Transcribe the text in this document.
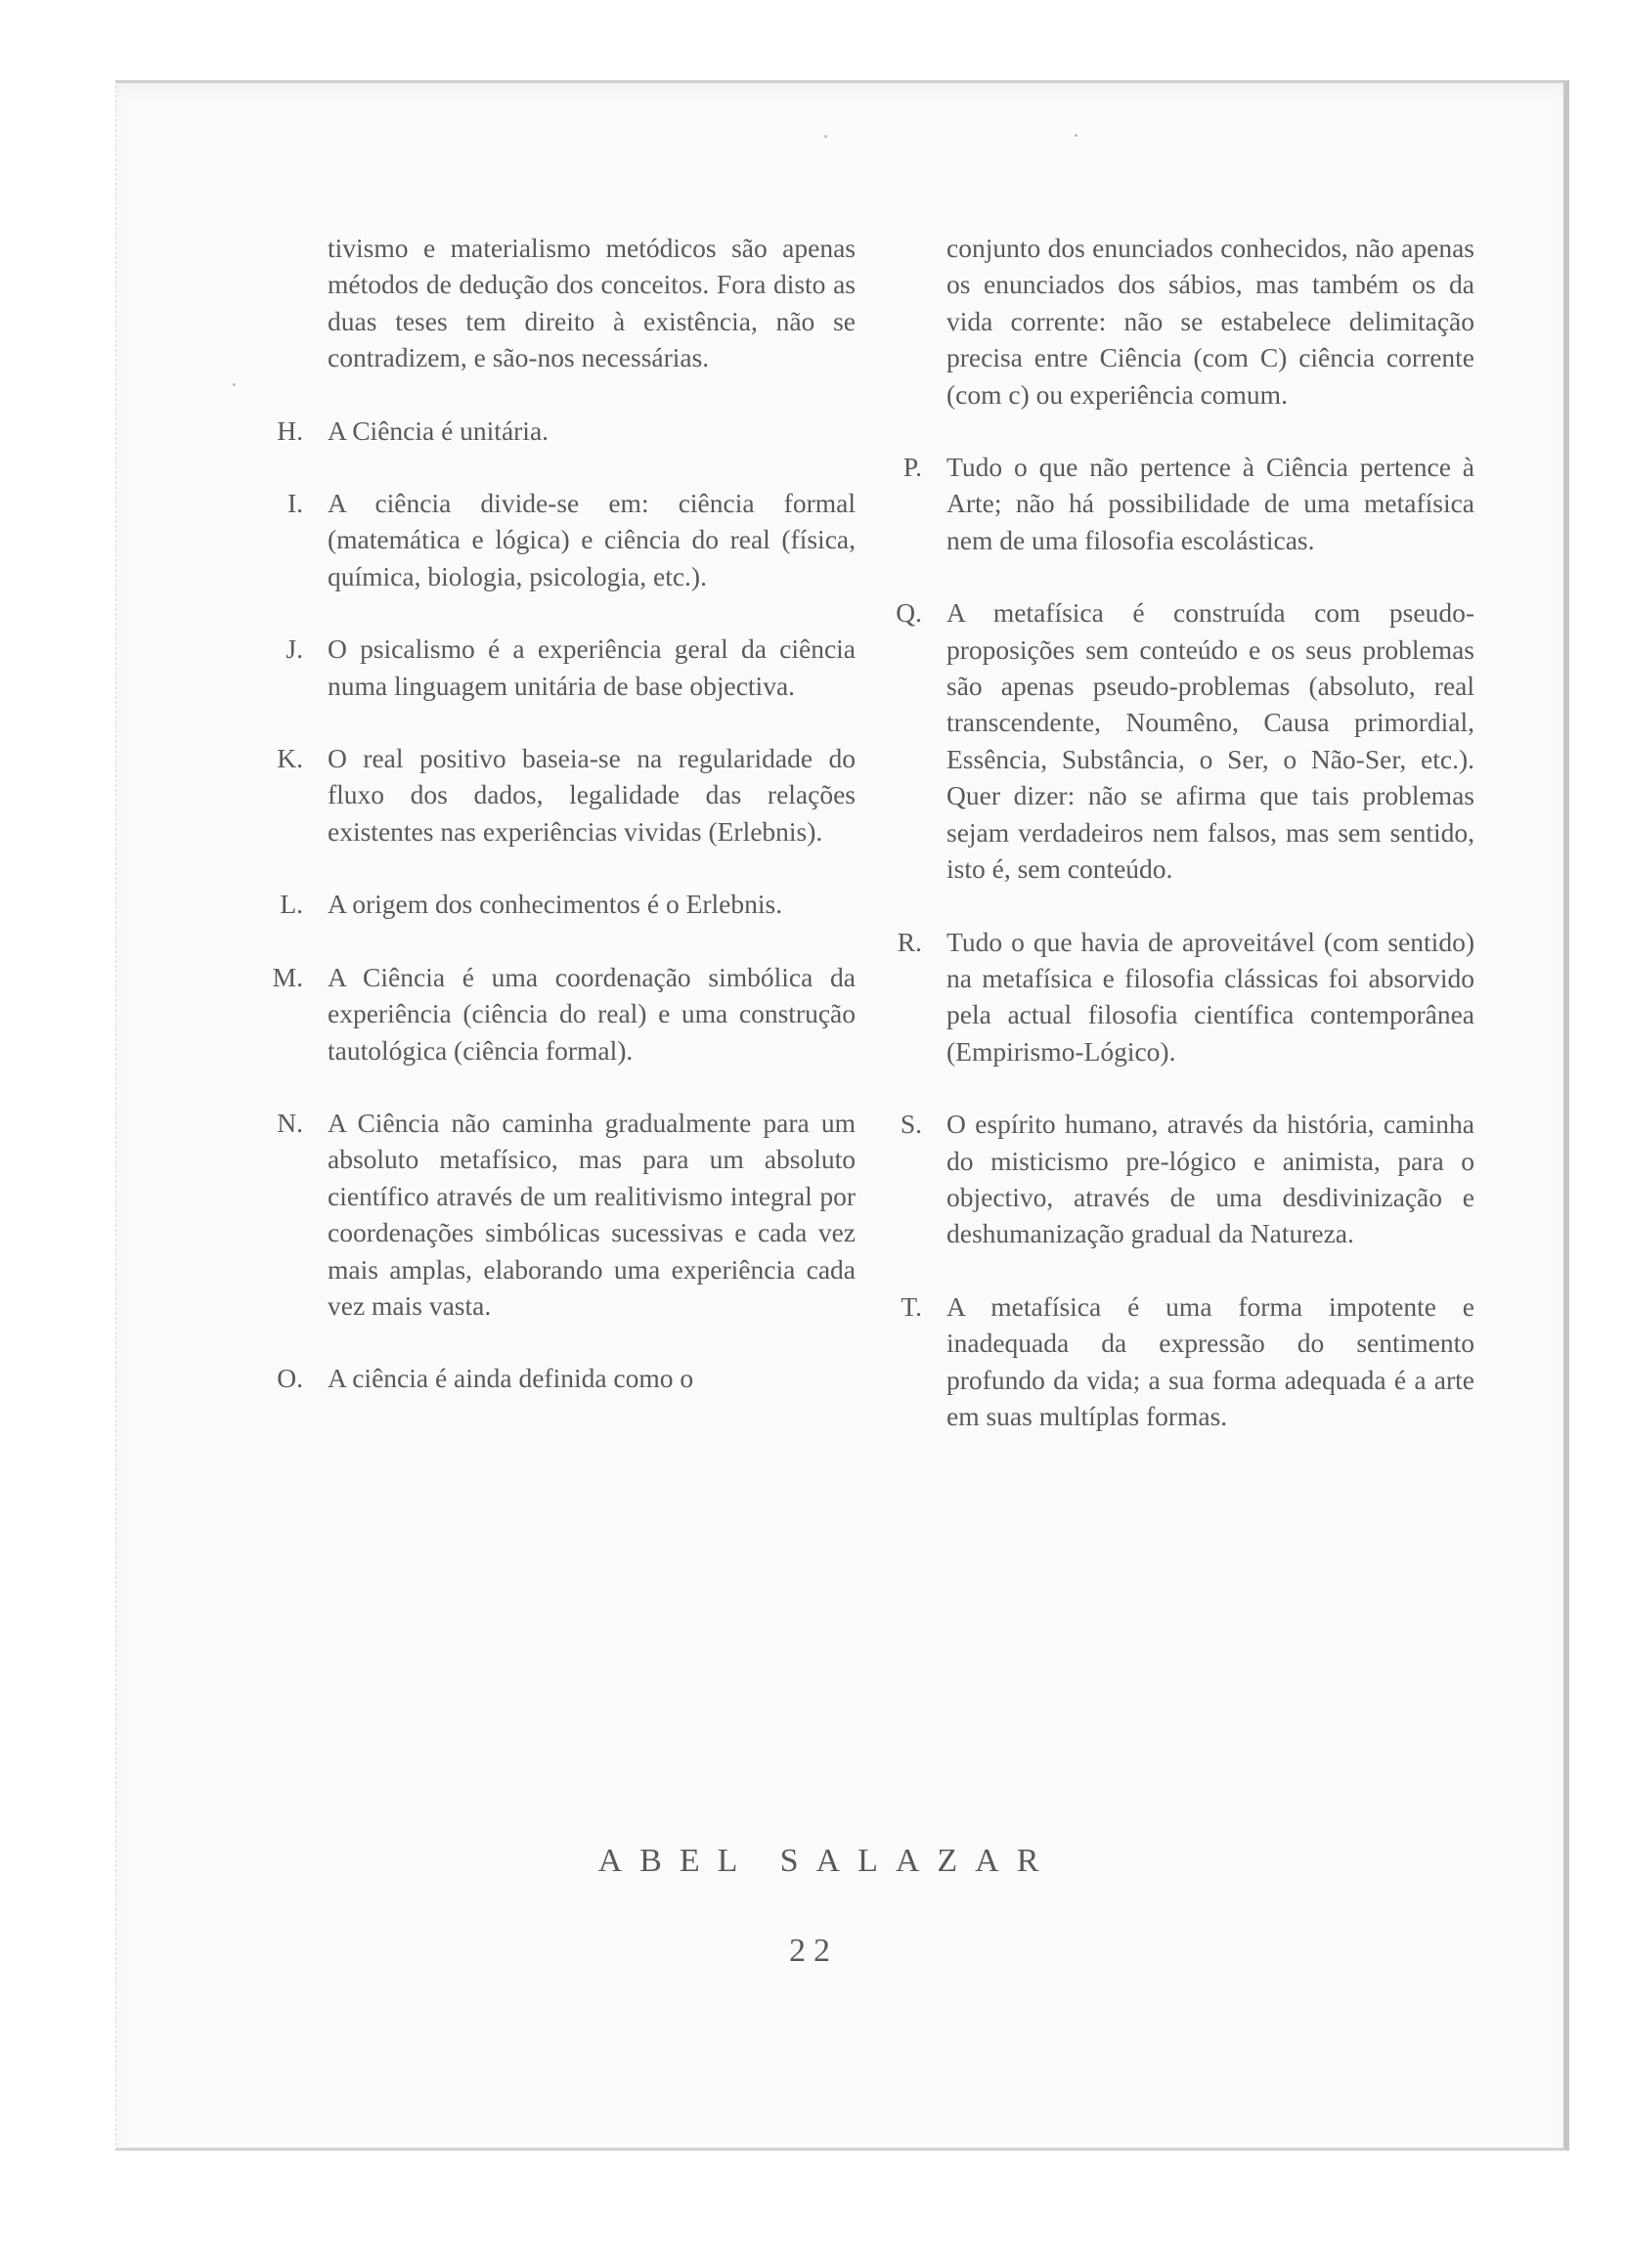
tivismo e materialismo metódicos são apenas métodos de dedução dos conceitos. Fora disto as duas teses tem direito à existência, não se contradizem, e são-nos necessárias.
H. A Ciência é unitária.
I. A ciência divide-se em: ciência formal (matemática e lógica) e ciência do real (física, química, biologia, psicologia, etc.).
J. O psicalismo é a experiência geral da ciência numa linguagem unitária de base objectiva.
K. O real positivo baseia-se na regularidade do fluxo dos dados, legalidade das relações existentes nas experiências vividas (Erlebnis).
L. A origem dos conhecimentos é o Erlebnis.
M. A Ciência é uma coordenação simbólica da experiência (ciência do real) e uma construção tautológica (ciência formal).
N. A Ciência não caminha gradualmente para um absoluto metafísico, mas para um absoluto científico através de um realitivismo integral por coordenações simbólicas sucessivas e cada vez mais amplas, elaborando uma experiência cada vez mais vasta.
O. A ciência é ainda definida como o
conjunto dos enunciados conhecidos, não apenas os enunciados dos sábios, mas também os da vida corrente: não se estabelece delimitação precisa entre Ciência (com C) ciência corrente (com c) ou experiência comum.
P. Tudo o que não pertence à Ciência pertence à Arte; não há possibilidade de uma metafísica nem de uma filosofia escolásticas.
Q. A metafísica é construída com pseudo-proposições sem conteúdo e os seus problemas são apenas pseudo-problemas (absoluto, real transcendente, Noumêno, Causa primordial, Essência, Substância, o Ser, o Não-Ser, etc.). Quer dizer: não se afirma que tais problemas sejam verdadeiros nem falsos, mas sem sentido, isto é, sem conteúdo.
R. Tudo o que havia de aproveitável (com sentido) na metafísica e filosofia clássicas foi absorvido pela actual filosofia científica contemporânea (Empirismo-Lógico).
S. O espírito humano, através da história, caminha do misticismo pre-lógico e animista, para o objectivo, através de uma desdivinização e deshumanização gradual da Natureza.
T. A metafísica é uma forma impotente e inadequada da expressão do sentimento profundo da vida; a sua forma adequada é a arte em suas multíplas formas.
ABEL SALAZAR
22
